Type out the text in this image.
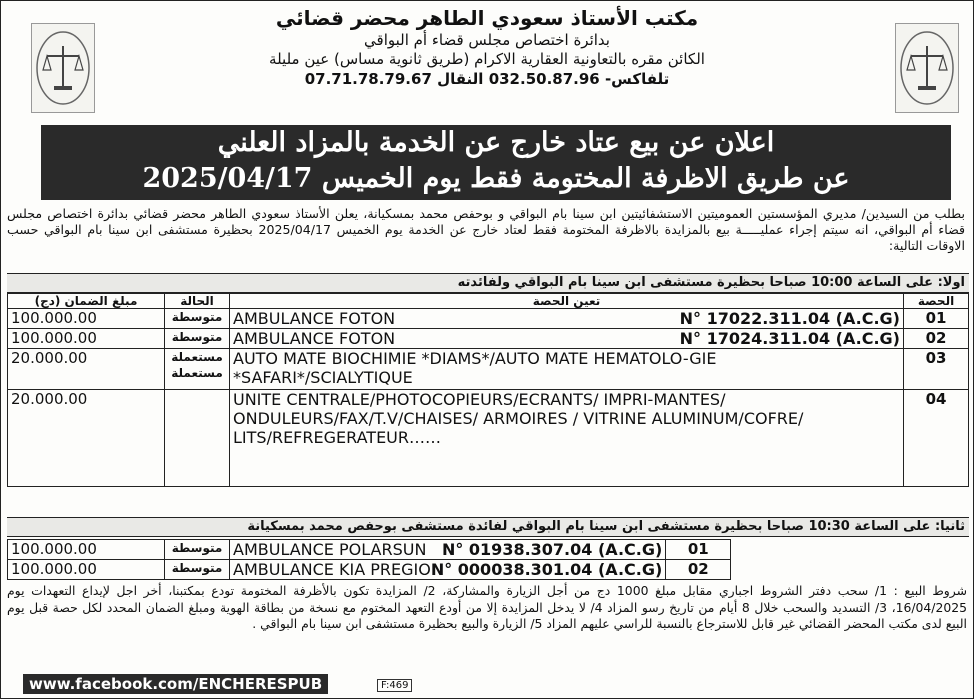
مكتب الأستاذ سعودي الطاهر محضر قضائي
بدائرة اختصاص مجلس قضاء أم البواقي
الكائن مقره بالتعاونية العقارية الاكرام (طريق ثانوية مساس) عين مليلة
تلفاكس- 032.50.87.96 النقال 07.71.78.79.67
اعلان عن بيع عتاد خارج عن الخدمة بالمزاد العلني
عن طريق الاظرفة المختومة فقط يوم الخميس 2025/04/17
بطلب من السيدين/ مديري المؤسستين العموميتين الاستشفائيتين ابن سينا بام البواقي و بوحفص محمد بمسكيانة، يعلن الأستاذ سعودي الطاهر محضر قضائي بدائرة اختصاص مجلس قضاء أم البواقي، انه سيتم إجراء عمليـــــة بيع بالمزايدة بالاظرفة المختومة فقط لعتاد خارج عن الخدمة يوم الخميس 2025/04/17 بحظيرة مستشفى ابن سينا بام البواقي حسب الاوقات التالية:
اولا: على الساعة 10:00 صباحا بحظيرة مستشفى ابن سينا بام البواقي ولفائدته
الحصة	تعين الحصة	الحالة	مبلغ الضمان (دج)
01	AMBULANCE FOTON N° 17022.311.04 (A.C.G)	متوسطة	100.000.00
02	AMBULANCE FOTON N° 17024.311.04 (A.C.G)	متوسطة	100.000.00
03	AUTO MATE BIOCHIMIE *DIAMS*/AUTO MATE HEMATOLO-GIE *SAFARI*/SCIALYTIQUE	مستعملة مستعملة	20.000.00
04	UNITE CENTRALE/PHOTOCOPIEURS/ECRANTS/ IMPRI-MANTES/ ONDULEURS/FAX/T.V/CHAISES/ ARMOIRES / VITRINE ALUMINUM/COFRE/ LITS/REFREGERATEUR……		20.000.00
ثانيا: على الساعة 10:30 صباحا بحظيرة مستشفى ابن سينا بام البواقي لفائدة مستشفى بوحفص محمد بمسكيانة
01	AMBULANCE POLARSUN N° 01938.307.04 (A.C.G)	متوسطة	100.000.00
02	AMBULANCE KIA PREGIO N° 000038.301.04 (A.C.G)	متوسطة	100.000.00
شروط البيع : 1/ سحب دفتر الشروط اجباري مقابل مبلغ 1000 دج من أجل الزيارة والمشاركة، 2/ المزايدة تكون بالأظرفة المختومة تودع بمكتبنا، أخر اجل لإيداع التعهدات يوم 16/04/2025، 3/ التسديد والسحب خلال 8 أيام من تاريخ رسو المزاد 4/ لا يدخل المزايدة إلا من أودع التعهد المختوم مع نسخة من بطاقة الهوية ومبلغ الضمان المحدد لكل حصة قبل يوم البيع لدى مكتب المحضر القضائي غير قابل للاسترجاع بالنسبة للراسي عليهم المزاد 5/ الزيارة والبيع بحظيرة مستشفى ابن سينا بام البواقي .
www.facebook.com/ENCHERESPUB	F:469
